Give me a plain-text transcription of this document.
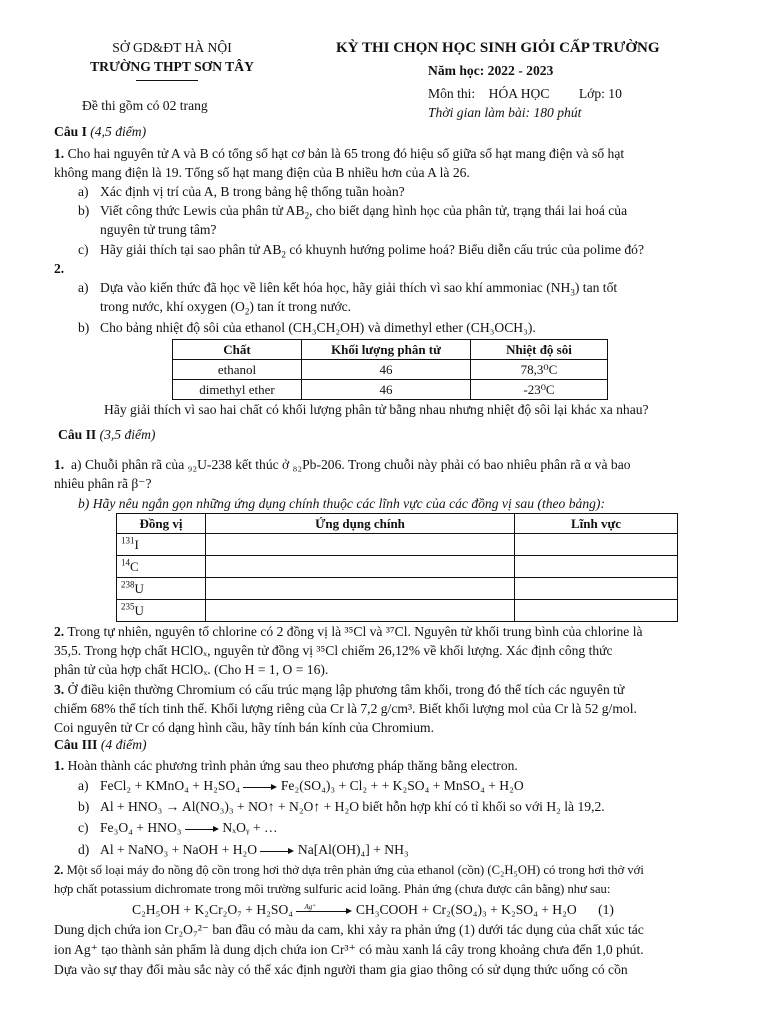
SỞ GD&ĐT HÀ NỘI
TRƯỜNG THPT SƠN TÂY
Đề thi gồm có 02 trang
KỲ THI CHỌN HỌC SINH GIỎI CẤP TRƯỜNG
Năm học: 2022 - 2023
Môn thi: HÓA HỌC Lớp: 10
Thời gian làm bài: 180 phút
Câu I (4,5 điểm)
1. Cho hai nguyên tử A và B có tổng số hạt cơ bản là 65 trong đó hiệu số giữa số hạt mang điện và số hạt
không mang điện là 19. Tổng số hạt mang điện của B nhiều hơn của A là 26.
a) Xác định vị trí của A, B trong bảng hệ thống tuần hoàn?
b) Viết công thức Lewis của phân tử $AB_2$, cho biết dạng hình học của phân tử, trạng thái lai hoá của
nguyên tử trung tâm?
c) Hãy giải thích tại sao phân tử $AB_2$ có khuynh hướng polime hoá? Biểu diễn cấu trúc của polime đó?
2.
a) Dựa vào kiến thức đã học về liên kết hóa học, hãy giải thích vì sao khí ammoniac $(NH_3)$ tan tốt
trong nước, khí oxygen $(O_2)$ tan ít trong nước.
b) Cho bảng nhiệt độ sôi của ethanol (CH₃CH₂OH) và dimethyl ether (CH₃OCH₃).
Chất	Khối lượng phân tử	Nhiệt độ sôi
ethanol	46	78,3⁰C
dimethyl ether	46	-23⁰C
Hãy giải thích vì sao hai chất có khối lượng phân tử bằng nhau nhưng nhiệt độ sôi lại khác xa nhau?
Câu II (3,5 điểm)
1. a) Chuỗi phân rã của ₉₂U-238 kết thúc ở ₈₂Pb-206. Trong chuỗi này phải có bao nhiêu phân rã α và bao
nhiêu phân rã β⁻?
b) Hãy nêu ngắn gọn những ứng dụng chính thuộc các lĩnh vực của các đồng vị sau (theo bảng):
Đồng vị	Ứng dụng chính	Lĩnh vực
$^{131}$I		
$^{14}$C		
$^{238}$U		
$^{235}$U		
2. Trong tự nhiên, nguyên tố chlorine có 2 đồng vị là ³⁵Cl và ³⁷Cl. Nguyên tử khối trung bình của chlorine là
35,5. Trong hợp chất HClOₓ, nguyên tử đồng vị ³⁵Cl chiếm 26,12% về khối lượng. Xác định công thức
phân tử của hợp chất HClOₓ. (Cho H = 1, O = 16).
3. Ở điều kiện thường Chromium có cấu trúc mạng lập phương tâm khối, trong đó thể tích các nguyên tử
chiếm 68% thể tích tinh thể. Khối lượng riêng của Cr là 7,2 g/cm³. Biết khối lượng mol của Cr là 52 g/mol.
Coi nguyên tử Cr có dạng hình cầu, hãy tính bán kính của Chromium.
Câu III (4 điểm)
1. Hoàn thành các phương trình phản ứng sau theo phương pháp thăng bằng electron.
a) FeCl₂ + KMnO₄ + H₂SO₄	Fe₂(SO₄)₃ + Cl₂ + + K₂SO₄ + MnSO₄ + H₂O
b) Al + HNO₃ → Al(NO₃)₃ + NO↑ + N₂O↑ + H₂O biết hỗn hợp khí có tỉ khối so với H₂ là 19,2.
c) Fe₃O₄ + HNO₃	NₓOᵧ + …
d) Al + NaNO₃ + NaOH + H₂O	Na[Al(OH)₄] + NH₃
2. Một số loại máy đo nồng độ cồn trong hơi thở dựa trên phản ứng của ethanol (cồn) (C₂H₅OH) có trong hơi thở với
hợp chất potassium dichromate trong môi trường sulfuric acid loãng. Phản ứng (chưa được cân bằng) như sau:
C₂H₅OH + K₂Cr₂O₇ + H₂SO₄ Ag⁺	CH₃COOH + Cr₂(SO₄)₃ + K₂SO₄ + H₂O (1)
Dung dịch chứa ion Cr₂O₇²⁻ ban đầu có màu da cam, khi xảy ra phản ứng (1) dưới tác dụng của chất xúc tác
ion Ag⁺ tạo thành sản phẩm là dung dịch chứa ion Cr³⁺ có màu xanh lá cây trong khoảng chưa đến 1,0 phút.
Dựa vào sự thay đổi màu sắc này có thể xác định người tham gia giao thông có sử dụng thức uống có cồn
